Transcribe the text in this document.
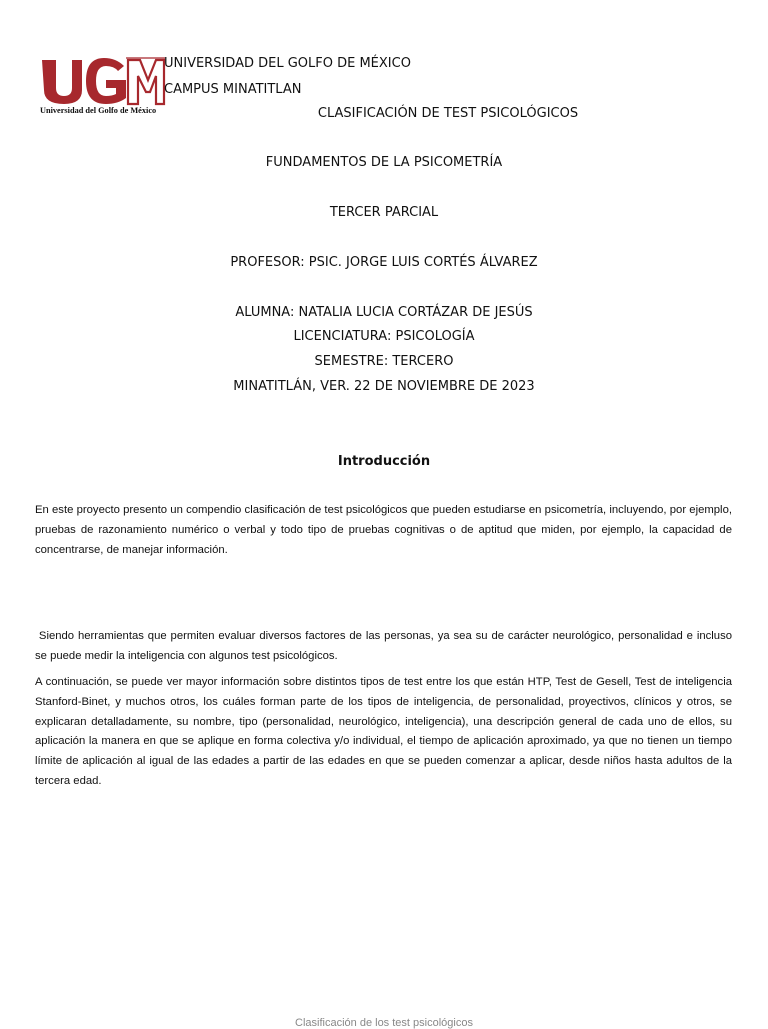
Universidad del Golfo de México
UNIVERSIDAD DEL GOLFO DE MÉXICO
CAMPUS MINATITLAN
CLASIFICACIÓN DE TEST PSICOLÓGICOS
FUNDAMENTOS DE LA PSICOMETRÍA
TERCER PARCIAL
PROFESOR: PSIC. JORGE LUIS CORTÉS ÁLVAREZ
ALUMNA: NATALIA LUCIA CORTÁZAR DE JESÚS
LICENCIATURA: PSICOLOGÍA
SEMESTRE: TERCERO
MINATITLÁN, VER. 22 DE NOVIEMBRE DE 2023
Introducción

En este proyecto presento un compendio clasificación de test psicológicos que pueden estudiarse en psicometría, incluyendo, por ejemplo, pruebas de razonamiento numérico o verbal y todo tipo de pruebas cognitivas o de aptitud que miden, por ejemplo, la capacidad de concentrarse, de manejar información.

Siendo herramientas que permiten evaluar diversos factores de las personas, ya sea su de carácter neurológico, personalidad e incluso se puede medir la inteligencia con algunos test psicológicos.

A continuación, se puede ver mayor información sobre distintos tipos de test entre los que están HTP, Test de Gesell, Test de inteligencia Stanford-Binet, y muchos otros, los cuáles forman parte de los tipos de inteligencia, de personalidad, proyectivos, clínicos y otros, se explicaran detalladamente, su nombre, tipo (personalidad, neurológico, inteligencia), una descripción general de cada uno de ellos, su aplicación la manera en que se aplique en forma colectiva y/o individual, el tiempo de aplicación aproximado, ya que no tienen un tiempo límite de aplicación al igual de las edades a partir de las edades en que se pueden comenzar a aplicar, desde niños hasta adultos de la tercera edad.

Clasificación de los test psicológicos
